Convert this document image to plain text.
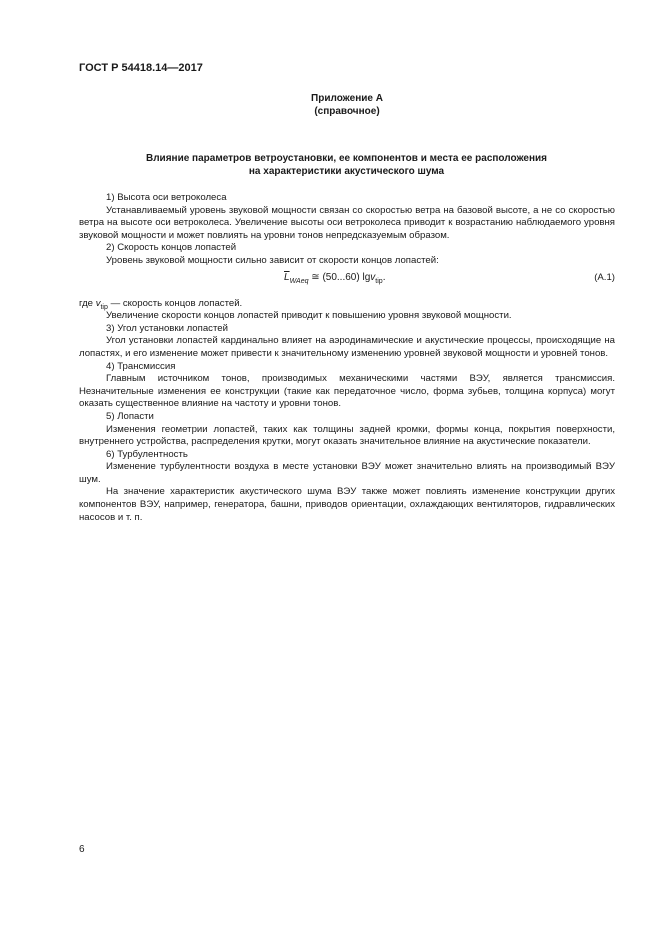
ГОСТ Р 54418.14—2017
Приложение А
(справочное)
Влияние параметров ветроустановки, ее компонентов и места ее расположения
на характеристики акустического шума

1) Высота оси ветроколеса

Устанавливаемый уровень звуковой мощности связан со скоростью ветра на базовой высоте, а не со скоростью ветра на высоте оси ветроколеса. Увеличение высоты оси ветроколеса приводит к возрастанию наблюдаемого уровня звуковой мощности и может повлиять на уровни тонов непредсказуемым образом.

2) Скорость концов лопастей

Уровень звуковой мощности сильно зависит от скорости концов лопастей:

$\overline{L}_{WAeq}$ ≅ (50...60) lgv$_{tip}$.	(A.1)

где $v_{tip}$ — скорость концов лопастей.

Увеличение скорости концов лопастей приводит к повышению уровня звуковой мощности.

3) Угол установки лопастей

Угол установки лопастей кардинально влияет на аэродинамические и акустические процессы, происходящие на лопастях, и его изменение может привести к значительному изменению уровней звуковой мощности и уровней тонов.

4) Трансмиссия

Главным источником тонов, производимых механическими частями ВЭУ, является трансмиссия. Незначительные изменения ее конструкции (такие как передаточное число, форма зубьев, толщина корпуса) могут оказать существенное влияние на частоту и уровни тонов.

5) Лопасти

Изменения геометрии лопастей, таких как толщины задней кромки, формы конца, покрытия поверхности, внутреннего устройства, распределения крутки, могут оказать значительное влияние на акустические показатели.

6) Турбулентность

Изменение турбулентности воздуха в месте установки ВЭУ может значительно влиять на производимый ВЭУ шум.

На значение характеристик акустического шума ВЭУ также может повлиять изменение конструкции других компонентов ВЭУ, например, генератора, башни, приводов ориентации, охлаждающих вентиляторов, гидравлических насосов и т. п.

6
